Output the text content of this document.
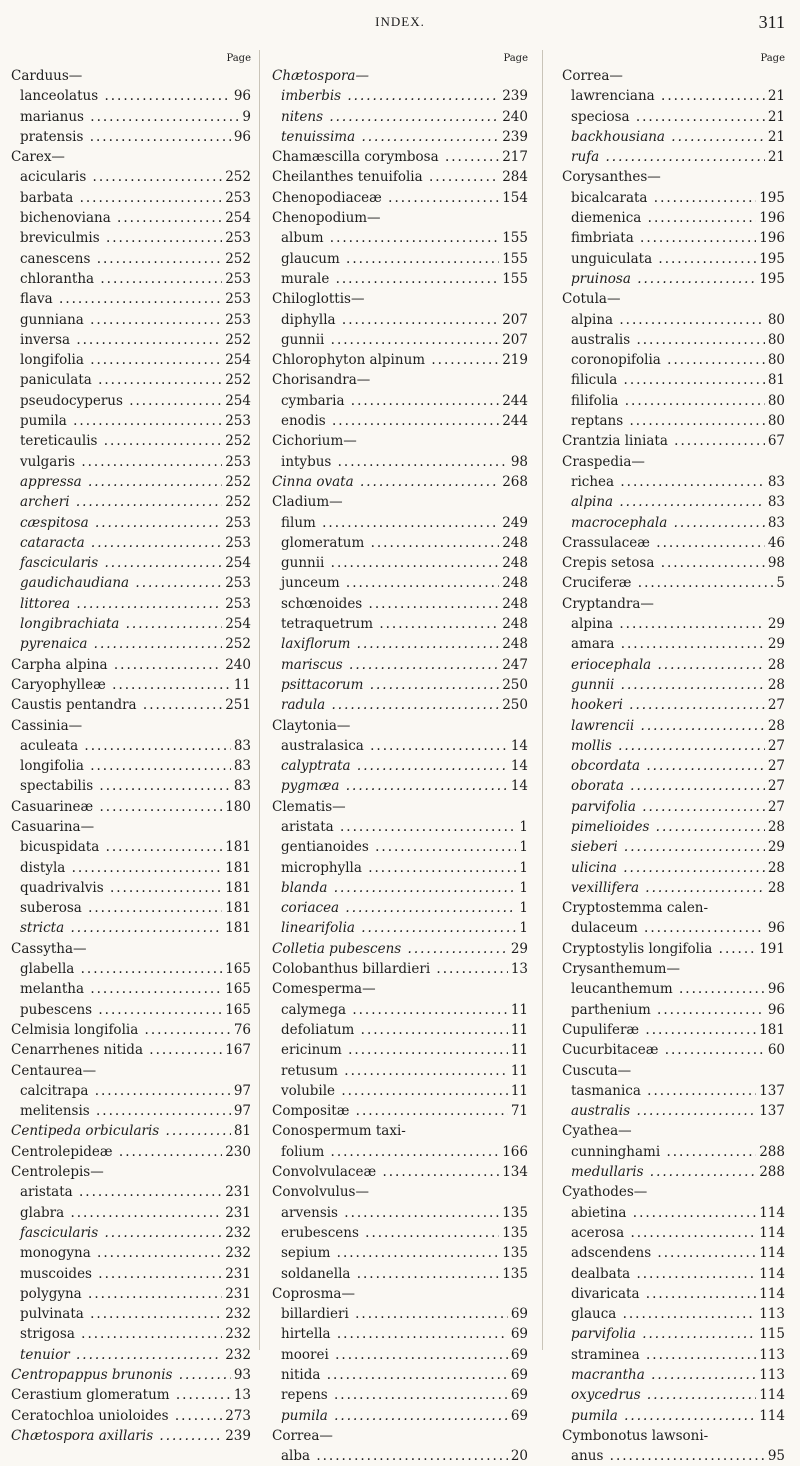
INDEX.	311
Page
Carduus—
lanceolatus .....	96
marianus .....	9
pratensis .....	96
Carex—
acicularis .....	252
barbata .....	253
bichenoviana .....	254
breviculmis .....	253
canescens .....	252
chlorantha .....	253
flava .....	253
gunniana .....	253
inversa .....	252
longifolia .....	254
paniculata .....	252
pseudocyperus .....	254
pumila .....	253
tereticaulis .....	252
vulgaris .....	253
appressa .....	252
archeri .....	252
cæspitosa .....	253
cataracta .....	253
fascicularis .....	254
gaudichaudiana .....	253
littorea .....	253
longibrachiata .....	254
pyrenaica .....	252
Carpha alpina .....	240
Caryophylleæ .....	11
Caustis pentandra .....	251
Cassinia—
aculeata .....	83
longifolia .....	83
spectabilis .....	83
Casuarineæ .....	180
Casuarina—
bicuspidata .....	181
distyla .....	181
quadrivalvis .....	181
suberosa .....	181
stricta .....	181
Cassytha—
glabella .....	165
melantha .....	165
pubescens .....	165
Celmisia longifolia .....	76
Cenarrhenes nitida .....	167
Centaurea—
calcitrapa .....	97
melitensis .....	97
Centipeda orbicularis .....	81
Centrolepideæ .....	230
Centrolepis—
aristata .....	231
glabra .....	231
fascicularis .....	232
monogyna .....	232
muscoides .....	231
polygyna .....	231
pulvinata .....	232
strigosa .....	232
tenuior .....	232
Centropappus brunonis .....	93
Cerastium glomeratum .....	13
Ceratochloa unioloides .....	273
Chætospora axillaris .....	239
Page
Chætospora—
imberbis .....	239
nitens .....	240
tenuissima .....	239
Chamæscilla corymbosa .....	217
Cheilanthes tenuifolia .....	284
Chenopodiaceæ .....	154
Chenopodium—
album .....	155
glaucum .....	155
murale .....	155
Chiloglottis—
diphylla .....	207
gunnii .....	207
Chlorophyton alpinum .....	219
Chorisandra—
cymbaria .....	244
enodis .....	244
Cichorium—
intybus .....	98
Cinna ovata .....	268
Cladium—
filum .....	249
glomeratum .....	248
gunnii .....	248
junceum .....	248
schœnoides .....	248
tetraquetrum .....	248
laxiflorum .....	248
mariscus .....	247
psittacorum .....	250
radula .....	250
Claytonia—
australasica .....	14
calyptrata .....	14
pygmæa .....	14
Clematis—
aristata .....	1
gentianoides .....	1
microphylla .....	1
blanda .....	1
coriacea .....	1
linearifolia .....	1
Colletia pubescens .....	29
Colobanthus billardieri .....	13
Comesperma—
calymega .....	11
defoliatum .....	11
ericinum .....	11
retusum .....	11
volubile .....	11
Compositæ .....	71
Conospermum taxi-
folium .....	166
Convolvulaceæ .....	134
Convolvulus—
arvensis .....	135
erubescens .....	135
sepium .....	135
soldanella .....	135
Coprosma—
billardieri .....	69
hirtella .....	69
moorei .....	69
nitida .....	69
repens .....	69
pumila .....	69
Correa—
alba .....	20
Page
Correa—
lawrenciana .....	21
speciosa .....	21
backhousiana .....	21
rufa .....	21
Corysanthes—
bicalcarata .....	195
diemenica .....	196
fimbriata .....	196
unguiculata .....	195
pruinosa .....	195
Cotula—
alpina .....	80
australis .....	80
coronopifolia .....	80
filicula .....	81
filifolia .....	80
reptans .....	80
Crantzia liniata .....	67
Craspedia—
richea .....	83
alpina .....	83
macrocephala .....	83
Crassulaceæ .....	46
Crepis setosa .....	98
Cruciferæ .....	5
Cryptandra—
alpina .....	29
amara .....	29
eriocephala .....	28
gunnii .....	28
hookeri .....	27
lawrencii .....	28
mollis .....	27
obcordata .....	27
oborata .....	27
parvifolia .....	27
pimelioides .....	28
sieberi .....	29
ulicina .....	28
vexillifera .....	28
Cryptostemma calen-
dulaceum .....	96
Cryptostylis longifolia .....	191
Crysanthemum—
leucanthemum .....	96
parthenium .....	96
Cupuliferæ .....	181
Cucurbitaceæ .....	60
Cuscuta—
tasmanica .....	137
australis .....	137
Cyathea—
cunninghami .....	288
medullaris .....	288
Cyathodes—
abietina .....	114
acerosa .....	114
adscendens .....	114
dealbata .....	114
divaricata .....	114
glauca .....	113
parvifolia .....	115
straminea .....	113
macrantha .....	113
oxycedrus .....	114
pumila .....	114
Cymbonotus lawsoni-
anus .....	95
